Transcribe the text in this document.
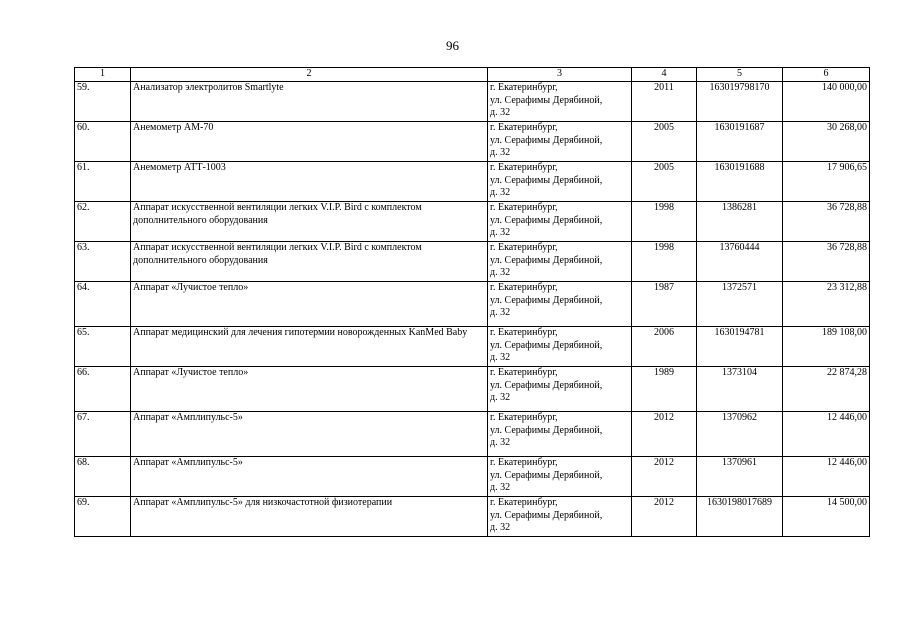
96
1	2	3	4	5	6
59.	Анализатор электролитов Smartlyte	г. Екатеринбург,
ул. Серафимы Дерябиной,
д. 32	2011	163019798170	140 000,00
60.	Анемометр АМ-70	г. Екатеринбург,
ул. Серафимы Дерябиной,
д. 32	2005	1630191687	30 268,00
61.	Анемометр АТТ-1003	г. Екатеринбург,
ул. Серафимы Дерябиной,
д. 32	2005	1630191688	17 906,65
62.	Аппарат искусственной вентиляции легких V.I.P. Bird с комплектом дополнительного оборудования	г. Екатеринбург,
ул. Серафимы Дерябиной,
д. 32	1998	1386281	36 728,88
63.	Аппарат искусственной вентиляции легких V.I.P. Bird с комплектом дополнительного оборудования	г. Екатеринбург,
ул. Серафимы Дерябиной,
д. 32	1998	13760444	36 728,88
64.	Аппарат «Лучистое тепло»	г. Екатеринбург,
ул. Серафимы Дерябиной,
д. 32	1987	1372571	23 312,88
65.	Аппарат медицинский для лечения гипотермии новорожденных KanMed Baby	г. Екатеринбург,
ул. Серафимы Дерябиной,
д. 32	2006	1630194781	189 108,00
66.	Аппарат «Лучистое тепло»	г. Екатеринбург,
ул. Серафимы Дерябиной,
д. 32	1989	1373104	22 874,28
67.	Аппарат «Амплипульс-5»	г. Екатеринбург,
ул. Серафимы Дерябиной,
д. 32	2012	1370962	12 446,00
68.	Аппарат «Амплипульс-5»	г. Екатеринбург,
ул. Серафимы Дерябиной,
д. 32	2012	1370961	12 446,00
69.	Аппарат «Амплипульс-5» для низкочастотной физиотерапии	г. Екатеринбург,
ул. Серафимы Дерябиной,
д. 32	2012	1630198017689	14 500,00
